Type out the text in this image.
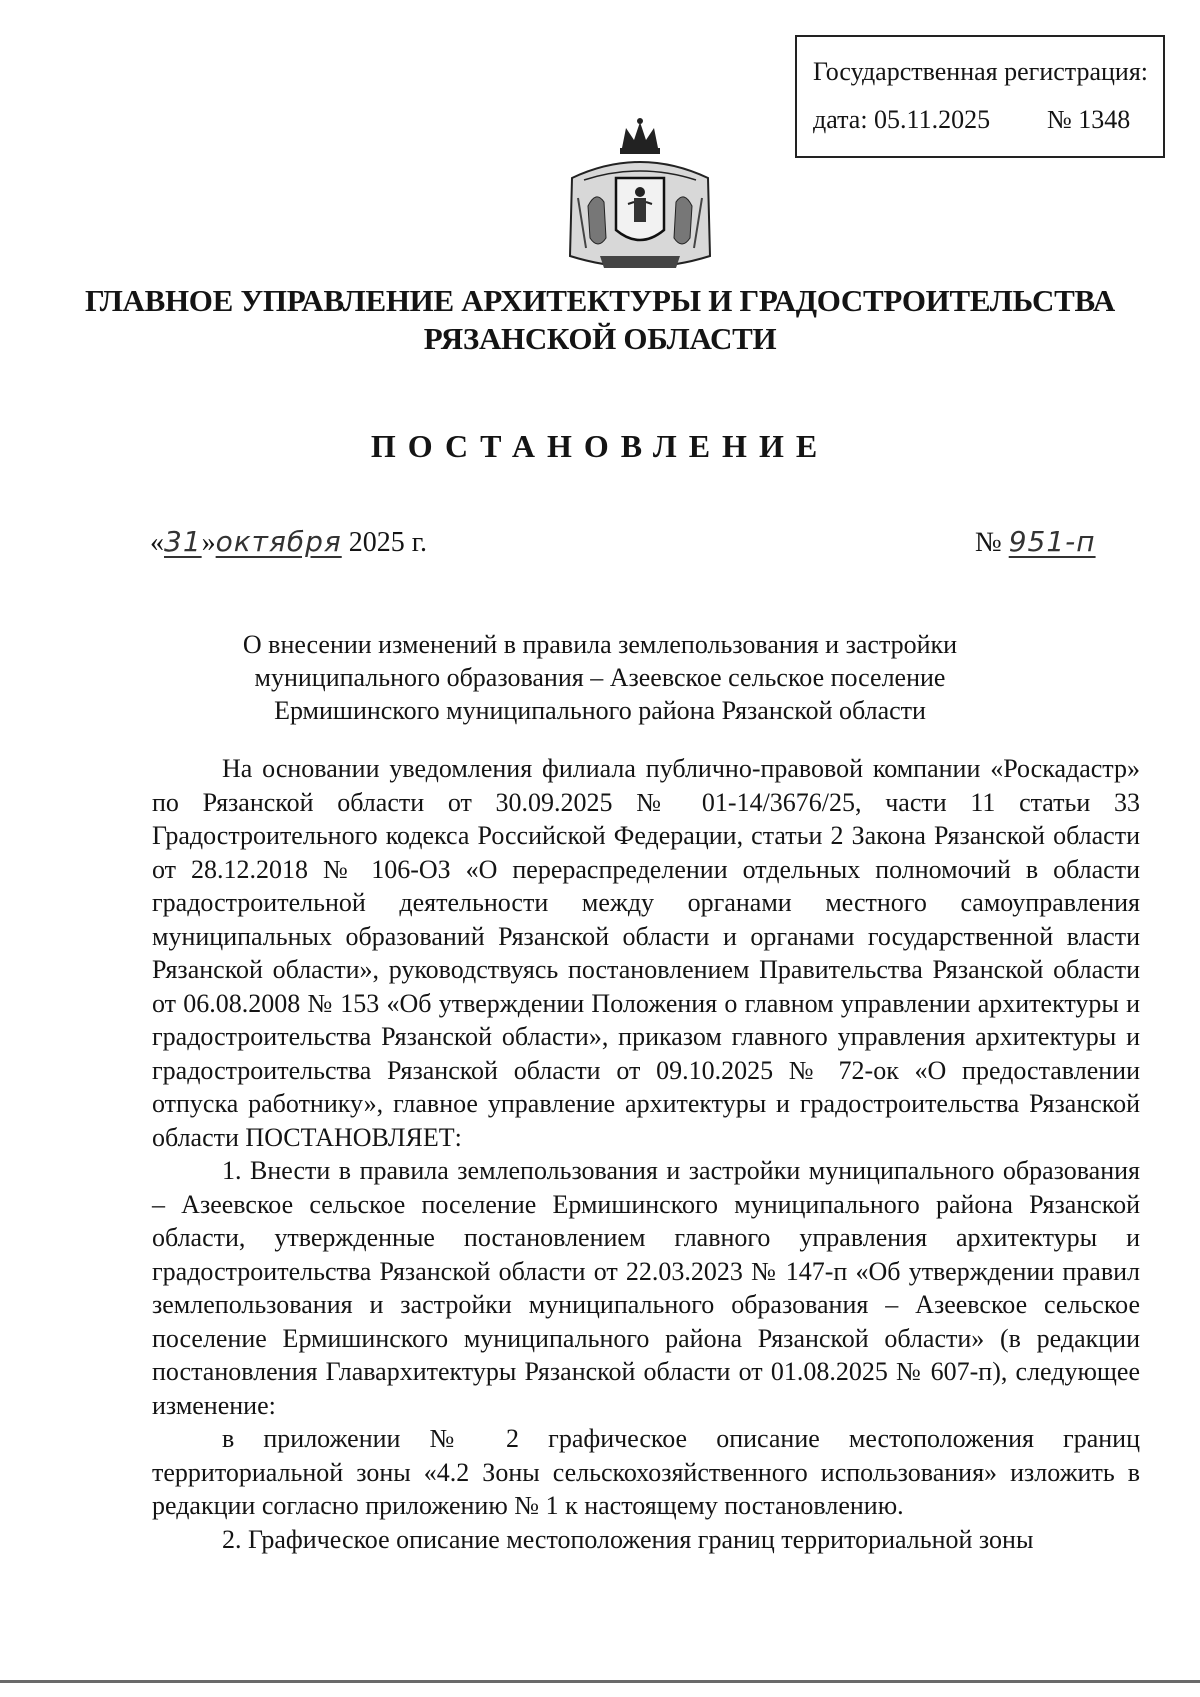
Государственная регистрация:
дата: 05.11.2025 № 1348
ГЛАВНОЕ УПРАВЛЕНИЕ АРХИТЕКТУРЫ И ГРАДОСТРОИТЕЛЬСТВА
РЯЗАНСКОЙ ОБЛАСТИ
ПОСТАНОВЛЕНИЕ
«31»октября 2025 г.	№ 951-п
О внесении изменений в правила землепользования и застройки
муниципального образования – Азеевское сельское поселение
Ермишинского муниципального района Рязанской области

На основании уведомления филиала публично-правовой компании «Роскадастр» по Рязанской области от 30.09.2025 № 01-14/3676/25, части 11 статьи 33 Градостроительного кодекса Российской Федерации, статьи 2 Закона Рязанской области от 28.12.2018 № 106-ОЗ «О перераспределении отдельных полномочий в области градостроительной деятельности между органами местного самоуправления муниципальных образований Рязанской области и органами государственной власти Рязанской области», руководствуясь постановлением Правительства Рязанской области от 06.08.2008 № 153 «Об утверждении Положения о главном управлении архитектуры и градостроительства Рязанской области», приказом главного управления архитектуры и градостроительства Рязанской области от 09.10.2025 № 72-ок «О предоставлении отпуска работнику», главное управление архитектуры и градостроительства Рязанской области ПОСТАНОВЛЯЕТ:

1. Внести в правила землепользования и застройки муниципального образования – Азеевское сельское поселение Ермишинского муниципального района Рязанской области, утвержденные постановлением главного управления архитектуры и градостроительства Рязанской области от 22.03.2023 № 147-п «Об утверждении правил землепользования и застройки муниципального образования – Азеевское сельское поселение Ермишинского муниципального района Рязанской области» (в редакции постановления Главархитектуры Рязанской области от 01.08.2025 № 607-п), следующее изменение:

в приложении № 2 графическое описание местоположения границ территориальной зоны «4.2 Зоны сельскохозяйственного использования» изложить в редакции согласно приложению № 1 к настоящему постановлению.

2. Графическое описание местоположения границ территориальной зоны
